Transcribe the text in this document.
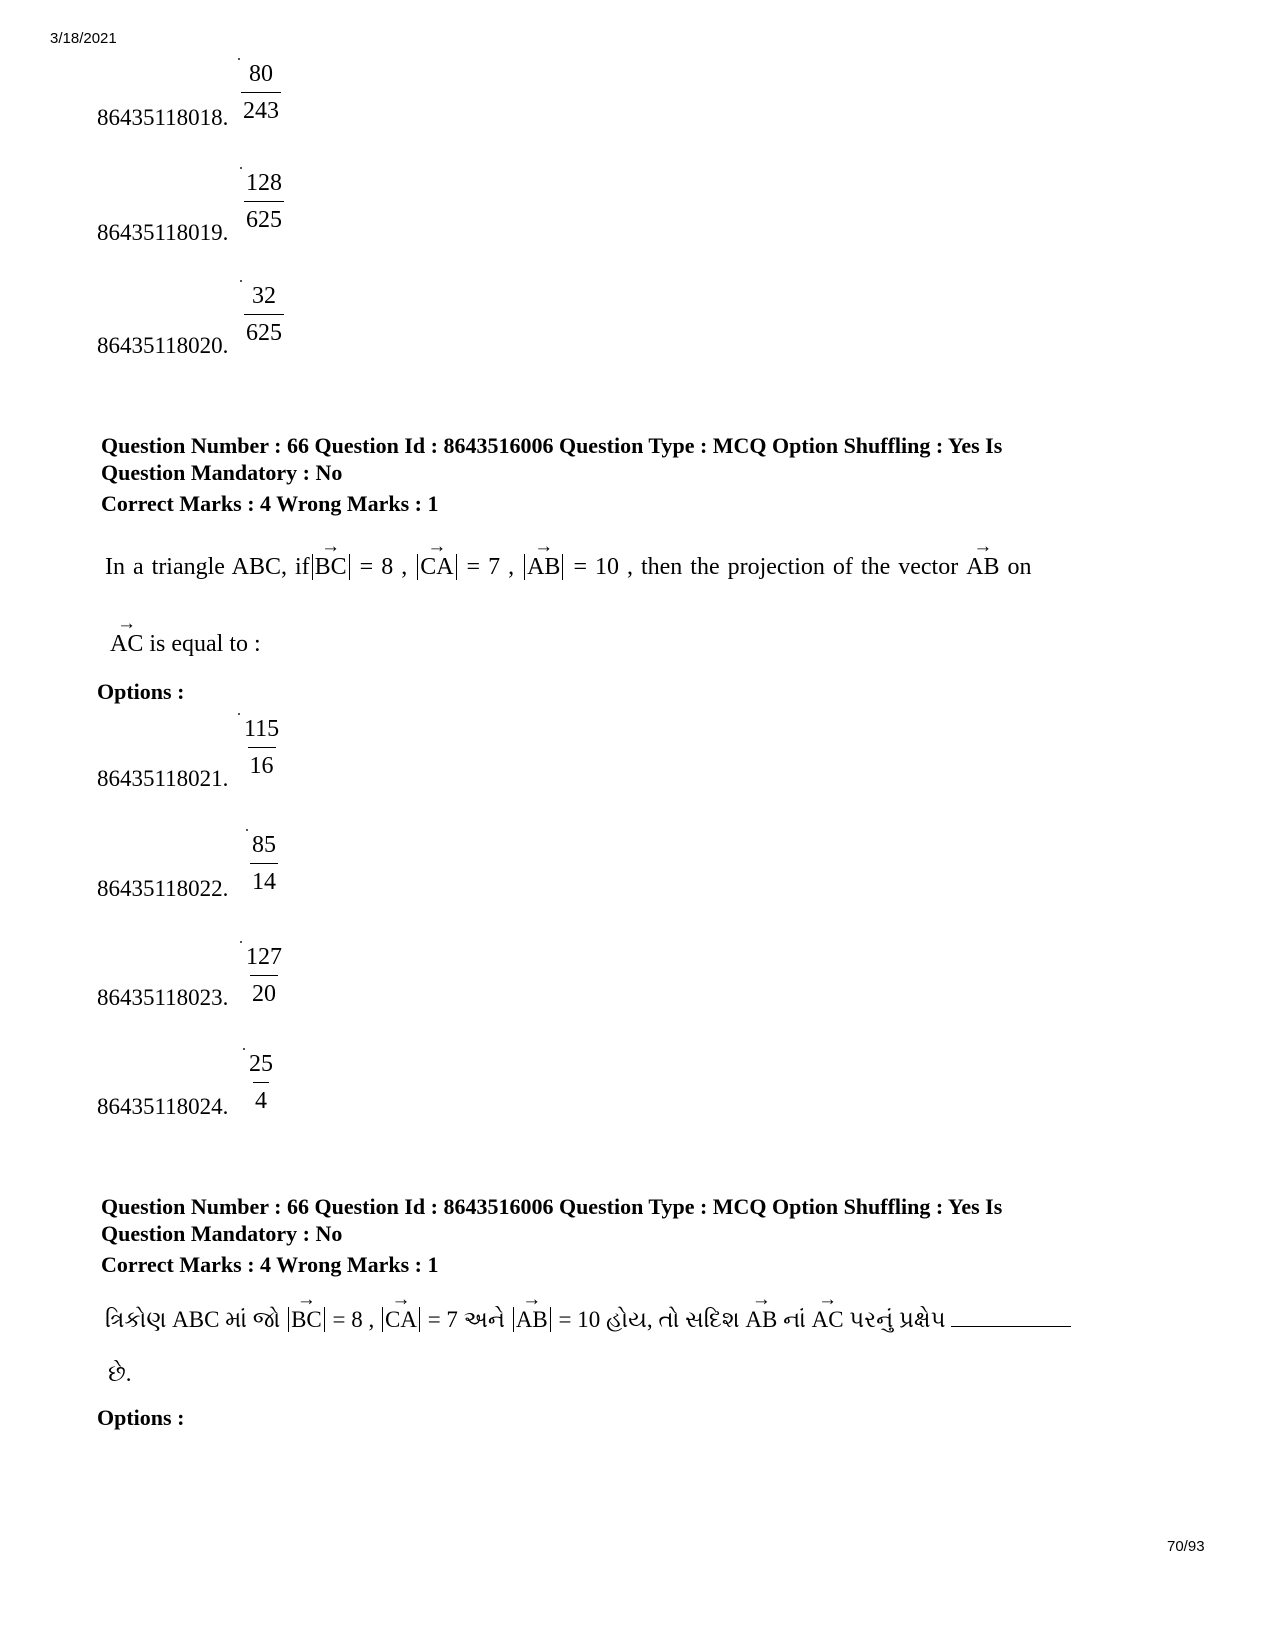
3/18/2021
$\frac{80}{243}$
86435118018.
$\frac{128}{625}$
86435118019.
$\frac{32}{625}$
86435118020.
Question Number : 66 Question Id : 8643516006 Question Type : MCQ Option Shuffling : Yes Is
Question Mandatory : No
Correct Marks : 4 Wrong Marks : 1
In a triangle ABC, if
→
BC = 8 ,
→
CA = 7 ,
→
AB = 10 , then the projection of the vector
→
AB on
→
AC is equal to :
Options :
$\frac{115}{16}$
86435118021.
$\frac{85}{14}$
86435118022.
$\frac{127}{20}$
86435118023.
$\frac{25}{4}$
86435118024.
Question Number : 66 Question Id : 8643516006 Question Type : MCQ Option Shuffling : Yes Is
Question Mandatory : No
Correct Marks : 4 Wrong Marks : 1
ત્રિકોણ ABC માં જો
→
BC = 8 ,
→
CA = 7 અને
→
AB = 10 હોય, તો સદિશ
→
AB નાં
→
AC પરનું પ્રક્ષેપ
છે.
Options :
70/93
